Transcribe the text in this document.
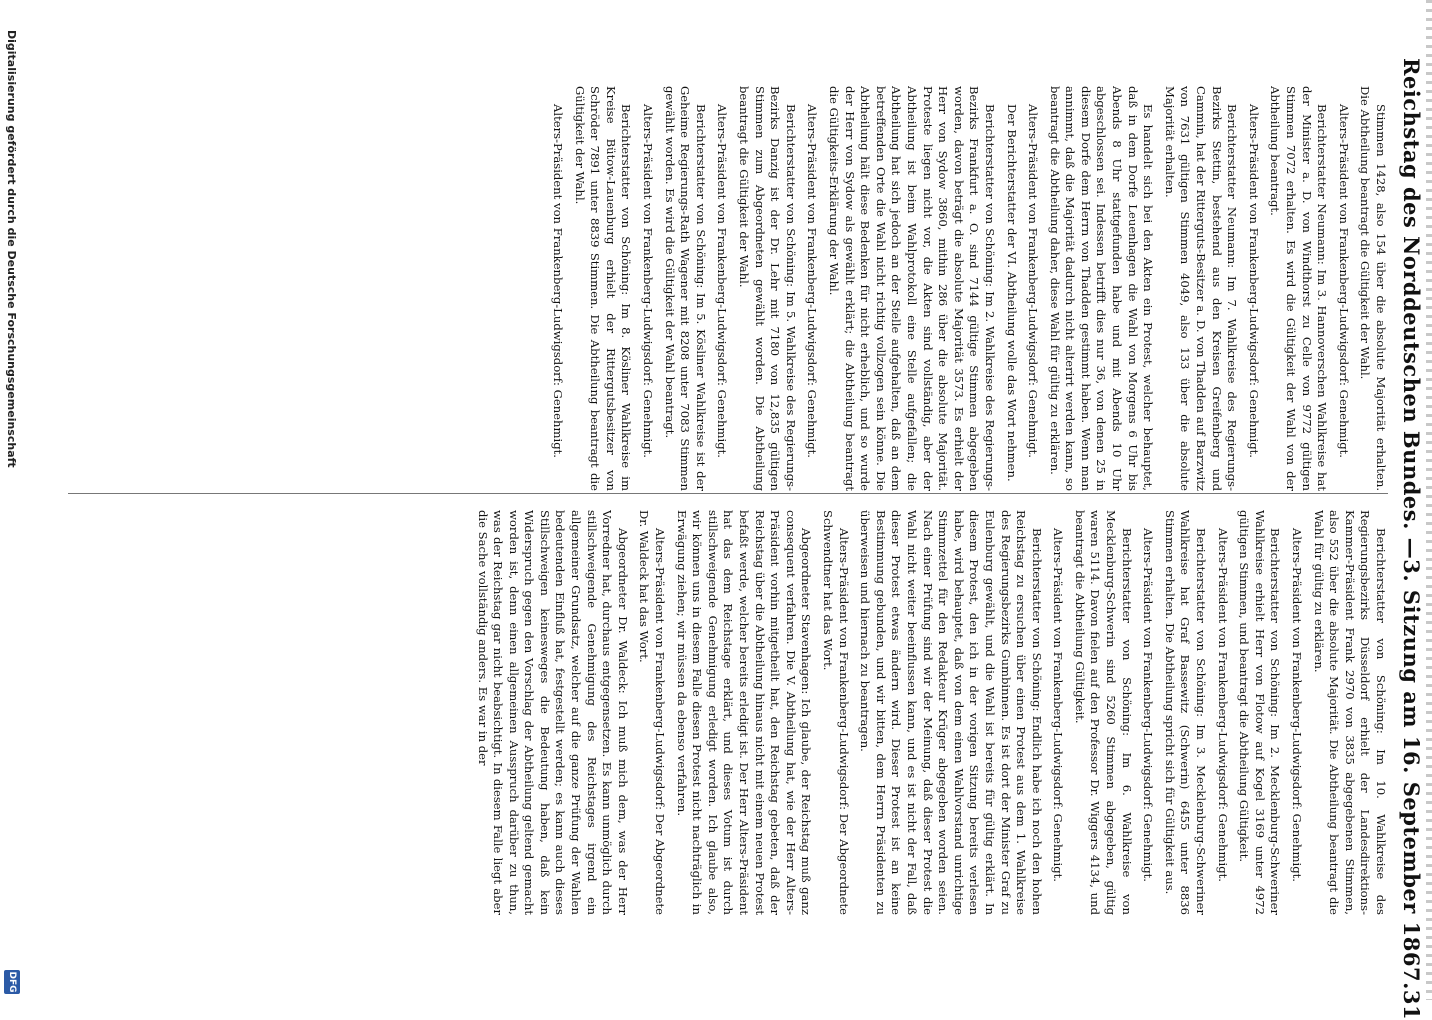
Reichstag des Norddeutschen Bundes. —
3. Sitzung am 16. September 1867.
31

Stimmen 1428, also 154 über die absolute Majorität erhalten. Die Abtheilung beantragt die Gültigkeit der Wahl.

Alters-Präsident von Frankenberg-Ludwigsdorf: Genehmigt.

Berichterstatter Neumann: Im 3. Hannoverschen Wahlkreise hat der Minister a. D. von Windthorst zu Celle von 9772 gültigen Stimmen 7072 erhalten. Es wird die Gültigkeit der Wahl von der Abtheilung beantragt.

Alters-Präsident von Frankenberg-Ludwigsdorf: Genehmigt.

Berichterstatter Neumann: Im 7. Wahlkreise des Regierungs-Bezirks Stettin, bestehend aus den Kreisen Greifenberg und Cammin, hat der Ritterguts-Besitzer a. D. von Thadden auf Barzwitz von 7631 gültigen Stimmen 4049, also 133 über die absolute Majorität erhalten.

Es handelt sich bei den Akten ein Protest, welcher behauptet, daß in dem Dorfe Leuenhagen die Wahl von Morgens 6 Uhr bis Abends 8 Uhr stattgefunden habe und mit Abends 10 Uhr abgeschlossen sei. Indessen betrifft dies nur 36, von denen 25 in diesem Dorfe dem Herrn von Thadden gestimmt haben. Wenn man annimmt, daß die Majorität dadurch nicht alterirt werden kann, so beantragt die Abtheilung daher, diese Wahl für gültig zu erklären.

Alters-Präsident von Frankenberg-Ludwigsdorf: Genehmigt.

Der Berichterstatter der VI. Abtheilung wolle das Wort nehmen.

Berichterstatter von Schöning: Im 2. Wahlkreise des Regierungs-Bezirks Frankfurt a. O. sind 7144 gültige Stimmen abgegeben worden, davon beträgt die absolute Majorität 3573. Es erhielt der Herr von Sydow 3860, mithin 286 über die absolute Majorität. Proteste liegen nicht vor, die Akten sind vollständig, aber der Abtheilung ist beim Wahlprotokoll eine Stelle aufgefallen; die Abtheilung hat sich jedoch an der Stelle aufgehalten, daß an dem betreffenden Orte die Wahl nicht richtig vollzogen sein könne. Die Abtheilung hält diese Bedenken für nicht erheblich, und so wurde der Herr von Sydow als gewählt erklärt; die Abtheilung beantragt die Gültigkeits-Erklärung der Wahl.

Alters-Präsident von Frankenberg-Ludwigsdorf: Genehmigt.

Berichterstatter von Schöning: Im 5. Wahlkreise des Regierungs-Bezirks Danzig ist der Dr. Lehr mit 7180 von 12,835 gültigen Stimmen zum Abgeordneten gewählt worden. Die Abtheilung beantragt die Gültigkeit der Wahl.

Alters-Präsident von Frankenberg-Ludwigsdorf: Genehmigt.

Berichterstatter von Schöning: Im 5. Kösliner Wahlkreise ist der Geheime Regierungs-Rath Wagener mit 8208 unter 7083 Stimmen gewählt worden. Es wird die Gültigkeit der Wahl beantragt.

Alters-Präsident von Frankenberg-Ludwigsdorf: Genehmigt.

Berichterstatter von Schöning: Im 8. Kösliner Wahlkreise im Kreise Bütow-Lauenburg erhielt der Rittergutsbesitzer von Schröder 7891 unter 8839 Stimmen. Die Abtheilung beantragt die Gültigkeit der Wahl.

Alters-Präsident von Frankenberg-Ludwigsdorf: Genehmigt.

Berichterstatter von Schöning: Im 10. Wahlkreise des Regierungsbezirks Düsseldorf erhielt der Landesdirektions-Kammer-Präsident Frank 2970 von 3835 abgegebenen Stimmen, also 552 über die absolute Majorität. Die Abtheilung beantragt die Wahl für gültig zu erklären.

Alters-Präsident von Frankenberg-Ludwigsdorf: Genehmigt.

Berichterstatter von Schöning: Im 2. Mecklenburg-Schweriner Wahlkreise erhielt Herr von Flotow auf Kogel 3169 unter 4972 gültigen Stimmen, und beantragt die Abtheilung Gültigkeit.

Alters-Präsident von Frankenberg-Ludwigsdorf: Genehmigt.

Berichterstatter von Schöning: Im 3. Mecklenburg-Schweriner Wahlkreise hat Graf Bassewitz (Schwerin) 6455 unter 8836 Stimmen erhalten. Die Abtheilung spricht sich für Gültigkeit aus.

Alters-Präsident von Frankenberg-Ludwigsdorf: Genehmigt.

Berichterstatter von Schöning: Im 6. Wahlkreise von Mecklenburg-Schwerin sind 5260 Stimmen abgegeben, gültig waren 5114. Davon fielen auf den Professor Dr. Wiggers 4134, und beantragt die Abtheilung Gültigkeit.

Alters-Präsident von Frankenberg-Ludwigsdorf: Genehmigt.

Berichterstatter von Schöning: Endlich habe ich noch den hohen Reichstag zu ersuchen über einen Protest aus dem 1. Wahlkreise des Regierungsbezirks Gumbinnen. Es ist dort der Minister Graf zu Eulenburg gewählt, und die Wahl ist bereits für gültig erklärt. In diesem Protest, den ich in der vorigen Sitzung bereits verlesen habe, wird behauptet, daß von dem einen Wahlvorstand unrichtige Stimmzettel für den Redakteur Krüger abgegeben worden seien. Nach einer Prüfung sind wir der Meinung, daß dieser Protest die Wahl nicht weiter beeinflussen kann, und es ist nicht der Fall, daß dieser Protest etwas ändern wird. Dieser Protest ist an keine Bestimmung gebunden, und wir bitten, dem Herrn Präsidenten zu überweisen und hiernach zu beantragen.

Alters-Präsident von Frankenberg-Ludwigsdorf: Der Abgeordnete Schwendtner hat das Wort.

Abgeordneter Stavenhagen: Ich glaube, der Reichstag muß ganz consequent verfahren. Die V. Abtheilung hat, wie der Herr Alters-Präsident vorhin mitgetheilt hat, den Reichstag gebeten, daß der Reichstag über die Abtheilung hinaus nicht mit einem neuen Protest befaßt werde, welcher bereits erledigt ist. Der Herr Alters-Präsident hat das dem Reichstage erklärt, und dieses Votum ist durch stillschweigende Genehmigung erledigt worden. Ich glaube also, wir können uns in diesem Falle diesen Protest nicht nachträglich in Erwägung ziehen; wir müssen da ebenso verfahren.

Alters-Präsident von Frankenberg-Ludwigsdorf: Der Abgeordnete Dr. Waldeck hat das Wort.

Abgeordneter Dr. Waldeck: Ich muß mich dem, was der Herr Vorredner hat, durchaus entgegensetzen. Es kann unmöglich durch stillschweigende Genehmigung des Reichstages irgend ein allgemeiner Grundsatz, welcher auf die ganze Prüfung der Wahlen bedeutenden Einfluß hat, festgestellt werden; es kann auch dieses Stillschweigen keinesweges die Bedeutung haben, daß kein Widerspruch gegen den Vorschlag der Abtheilung geltend gemacht worden ist, denn einen allgemeinen Ausspruch darüber zu thun, was der Reichstag gar nicht beabsichtigt. In diesem Falle liegt aber die Sache vollständig anders. Es war in der

Digitalisierung gefördert durch die Deutsche Forschungsgemeinschaft
DFG
